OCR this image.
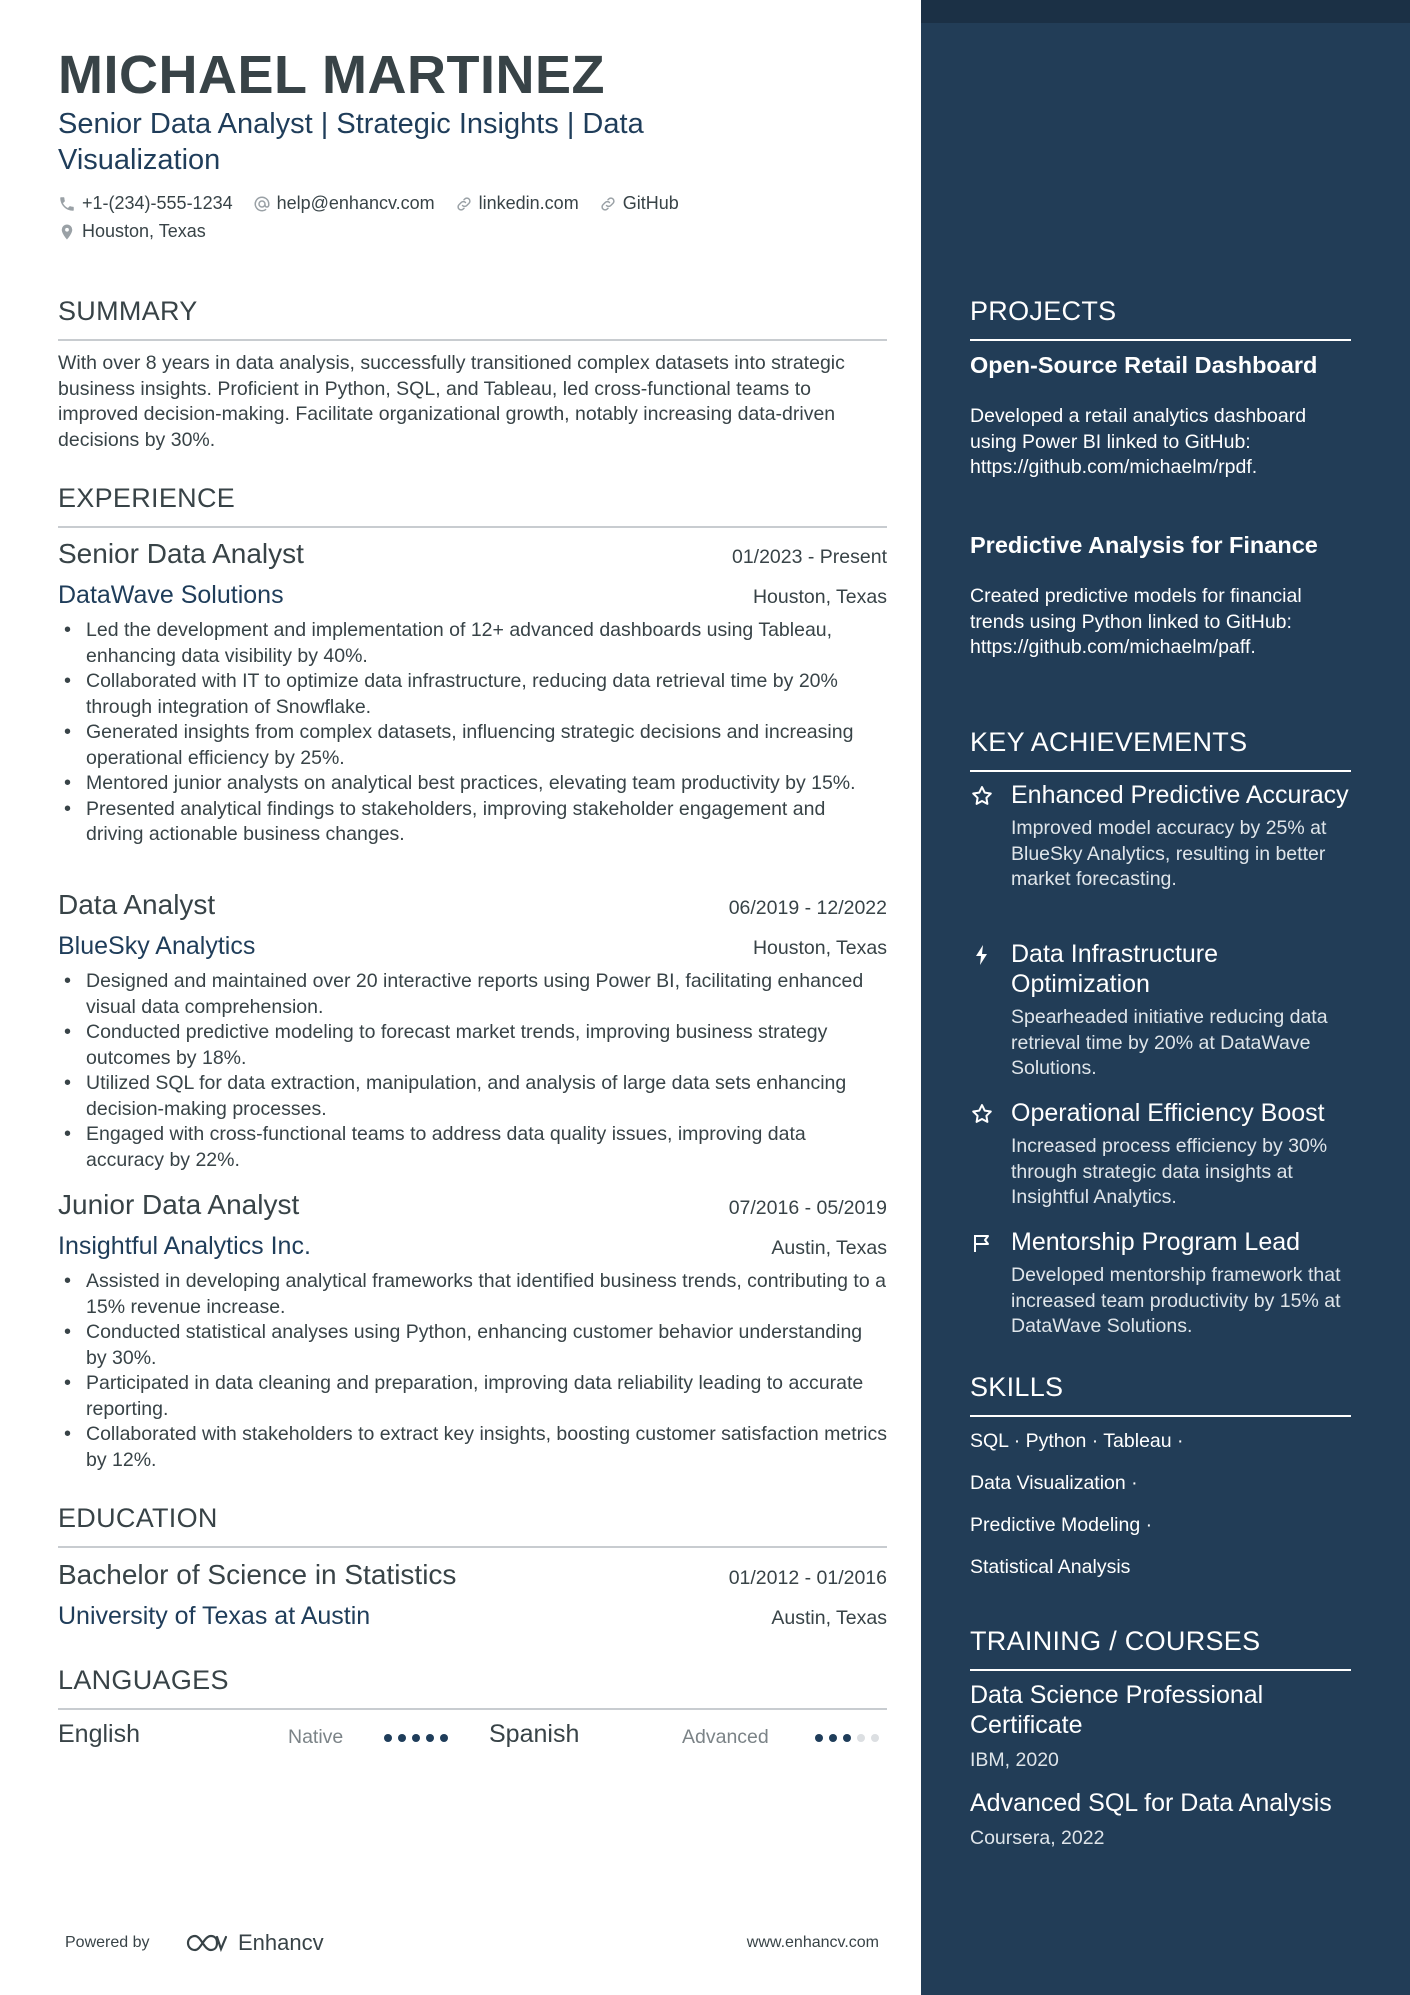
MICHAEL MARTINEZ
Senior Data Analyst | Strategic Insights | Data Visualization
+1-(234)-555-1234 help@enhancv.com linkedin.com GitHub
Houston, Texas
SUMMARY
With over 8 years in data analysis, successfully transitioned complex datasets into strategic business insights. Proficient in Python, SQL, and Tableau, led cross-functional teams to improved decision-making. Facilitate organizational growth, notably increasing data-driven decisions by 30%.
EXPERIENCE
Senior Data Analyst	01/2023 - Present
DataWave Solutions	Houston, Texas
• Led the development and implementation of 12+ advanced dashboards using Tableau, enhancing data visibility by 40%.
• Collaborated with IT to optimize data infrastructure, reducing data retrieval time by 20% through integration of Snowflake.
• Generated insights from complex datasets, influencing strategic decisions and increasing operational efficiency by 25%.
• Mentored junior analysts on analytical best practices, elevating team productivity by 15%.
• Presented analytical findings to stakeholders, improving stakeholder engagement and driving actionable business changes.
Data Analyst	06/2019 - 12/2022
BlueSky Analytics	Houston, Texas
• Designed and maintained over 20 interactive reports using Power BI, facilitating enhanced visual data comprehension.
• Conducted predictive modeling to forecast market trends, improving business strategy outcomes by 18%.
• Utilized SQL for data extraction, manipulation, and analysis of large data sets enhancing decision-making processes.
• Engaged with cross-functional teams to address data quality issues, improving data accuracy by 22%.
Junior Data Analyst	07/2016 - 05/2019
Insightful Analytics Inc.	Austin, Texas
• Assisted in developing analytical frameworks that identified business trends, contributing to a 15% revenue increase.
• Conducted statistical analyses using Python, enhancing customer behavior understanding by 30%.
• Participated in data cleaning and preparation, improving data reliability leading to accurate reporting.
• Collaborated with stakeholders to extract key insights, boosting customer satisfaction metrics by 12%.
EDUCATION
Bachelor of Science in Statistics	01/2012 - 01/2016
University of Texas at Austin	Austin, Texas
LANGUAGES
English	Native	Spanish	Advanced
Powered by	Enhancv	www.enhancv.com
PROJECTS
Open-Source Retail Dashboard
Developed a retail analytics dashboard using Power BI linked to GitHub: https://github.com/michaelm/rpdf.
Predictive Analysis for Finance
Created predictive models for financial trends using Python linked to GitHub: https://github.com/michaelm/paff.
KEY ACHIEVEMENTS
Enhanced Predictive Accuracy
Improved model accuracy by 25% at BlueSky Analytics, resulting in better market forecasting.
Data Infrastructure Optimization
Spearheaded initiative reducing data retrieval time by 20% at DataWave Solutions.
Operational Efficiency Boost
Increased process efficiency by 30% through strategic data insights at Insightful Analytics.
Mentorship Program Lead
Developed mentorship framework that increased team productivity by 15% at DataWave Solutions.
SKILLS
SQL · Python · Tableau ·
Data Visualization ·
Predictive Modeling ·
Statistical Analysis
TRAINING / COURSES
Data Science Professional Certificate
IBM, 2020
Advanced SQL for Data Analysis
Coursera, 2022
